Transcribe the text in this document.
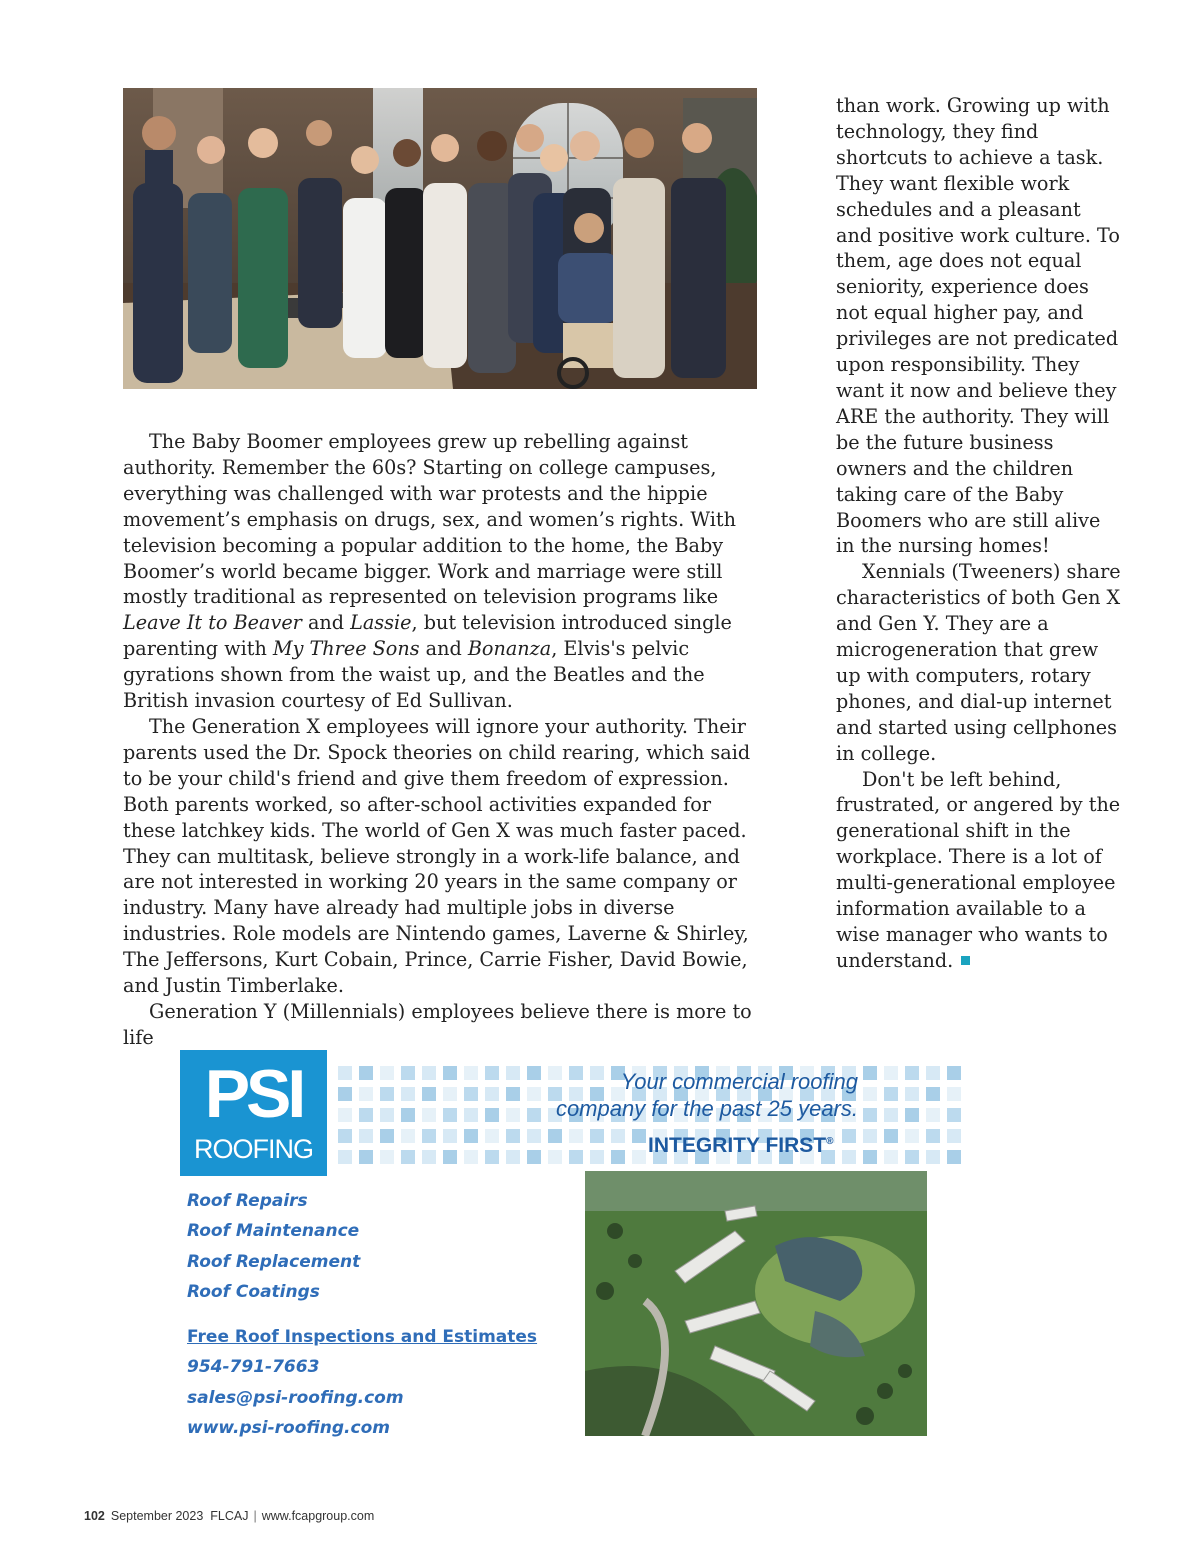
The Baby Boomer employees grew up rebelling against authority. Remember the 60s? Starting on college campuses, everything was challenged with war protests and the hippie movement’s emphasis on drugs, sex, and women’s rights. With television becoming a popular addition to the home, the Baby Boomer’s world became bigger. Work and marriage were still mostly traditional as represented on television programs like Leave It to Beaver and Lassie, but television introduced single parenting with My Three Sons and Bonanza, Elvis's pelvic gyrations shown from the waist up, and the Beatles and the British invasion courtesy of Ed Sullivan.

The Generation X employees will ignore your authority. Their parents used the Dr. Spock theories on child rearing, which said to be your child's friend and give them freedom of expression. Both parents worked, so after-school activities expanded for these latchkey kids. The world of Gen X was much faster paced. They can multitask, believe strongly in a work-life balance, and are not interested in working 20 years in the same company or industry. Many have already had multiple jobs in diverse industries. Role models are Nintendo games, Laverne & Shirley, The Jeffersons, Kurt Cobain, Prince, Carrie Fisher, David Bowie, and Justin Timberlake.

Generation Y (Millennials) employees believe there is more to life

than work. Growing up with technology, they find shortcuts to achieve a task. They want flexible work schedules and a pleasant and positive work culture. To them, age does not equal seniority, experience does not equal higher pay, and privileges are not predicated upon responsibility. They want it now and believe they ARE the authority. They will be the future business owners and the children taking care of the Baby Boomers who are still alive in the nursing homes!

Xennials (Tweeners) share characteristics of both Gen X and Gen Y. They are a microgeneration that grew up with computers, rotary phones, and dial-up internet and started using cellphones in college.

Don't be left behind, frustrated, or angered by the generational shift in the workplace. There is a lot of multi-generational employee information available to a wise manager who wants to understand.

PSI
ROOFING
Your commercial roofing
company for the past 25 years.
INTEGRITY FIRST®
Roof Repairs
Roof Maintenance
Roof Replacement
Roof Coatings
Free Roof Inspections and Estimates
954-791-7663
sales@psi-roofing.com
www.psi-roofing.com
102 September 2023 FLCAJ | www.fcapgroup.com
